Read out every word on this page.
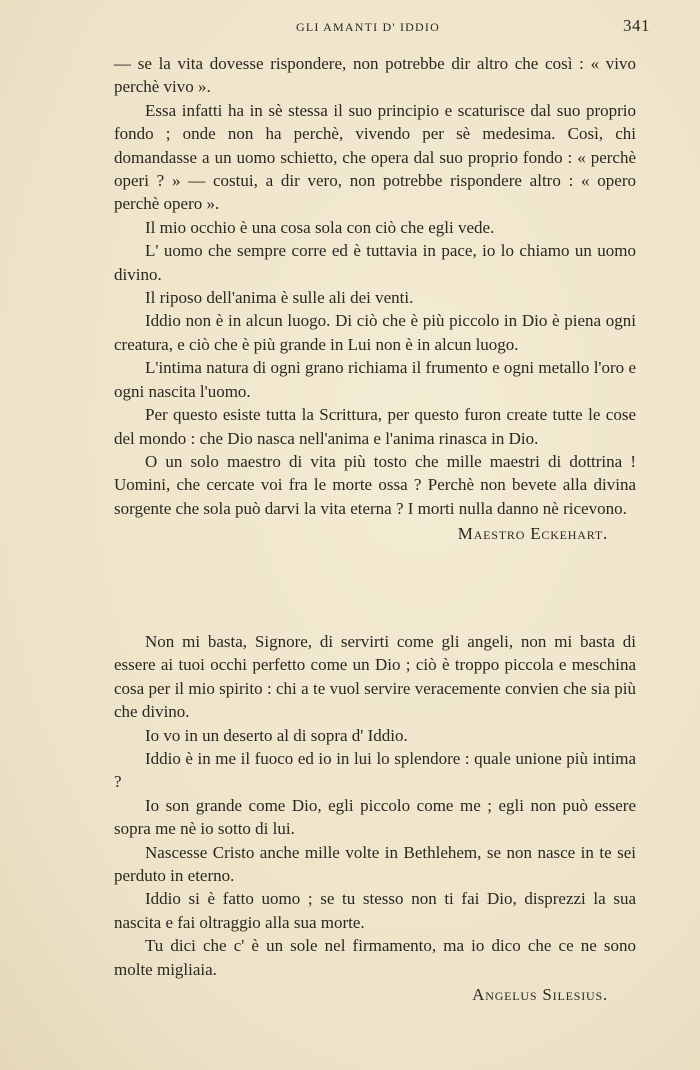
GLI AMANTI D' IDDIO	341

— se la vita dovesse rispondere, non potrebbe dir altro che così : « vivo perchè vivo ».

Essa infatti ha in sè stessa il suo principio e scaturisce dal suo proprio fondo ; onde non ha perchè, vivendo per sè medesima. Così, chi domandasse a un uomo schietto, che opera dal suo proprio fondo : « perchè operi ? » — costui, a dir vero, non potrebbe rispondere altro : « opero perchè opero ».

Il mio occhio è una cosa sola con ciò che egli vede.

L' uomo che sempre corre ed è tuttavia in pace, io lo chiamo un uomo divino.

Il riposo dell'anima è sulle ali dei venti.

Iddio non è in alcun luogo. Di ciò che è più piccolo in Dio è piena ogni creatura, e ciò che è più grande in Lui non è in alcun luogo.

L'intima natura di ogni grano richiama il frumento e ogni metallo l'oro e ogni nascita l'uomo.

Per questo esiste tutta la Scrittura, per questo furon create tutte le cose del mondo : che Dio nasca nell'anima e l'anima rinasca in Dio.

O un solo maestro di vita più tosto che mille maestri di dottrina ! Uomini, che cercate voi fra le morte ossa ? Perchè non bevete alla divina sorgente che sola può darvi la vita eterna ? I morti nulla danno nè ricevono.

Maestro Eckehart.

Non mi basta, Signore, di servirti come gli angeli, non mi basta di essere ai tuoi occhi perfetto come un Dio ; ciò è troppo piccola e meschina cosa per il mio spirito : chi a te vuol servire veracemente convien che sia più che divino.

Io vo in un deserto al di sopra d' Iddio.

Iddio è in me il fuoco ed io in lui lo splendore : quale unione più intima ?

Io son grande come Dio, egli piccolo come me ; egli non può essere sopra me nè io sotto di lui.

Nascesse Cristo anche mille volte in Bethlehem, se non nasce in te sei perduto in eterno.

Iddio si è fatto uomo ; se tu stesso non ti fai Dio, disprezzi la sua nascita e fai oltraggio alla sua morte.

Tu dici che c' è un sole nel firmamento, ma io dico che ce ne sono molte migliaia.

Angelus Silesius.
